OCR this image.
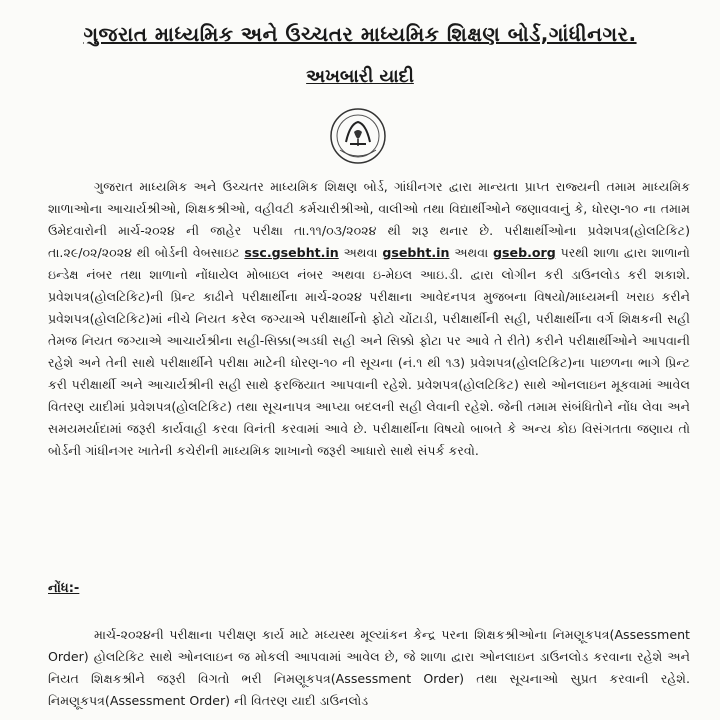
ગુજરાત માધ્યમિક અને ઉચ્ચતર માધ્યમિક શિક્ષણ બોર્ડ,ગાંધીનગર.
અખબારી યાદી
ગુજરાત માધ્યમિક અને ઉચ્ચતર માધ્યમિક શિક્ષણ બોર્ડ, ગાંધીનગર દ્વારા માન્યતા પ્રાપ્ત રાજ્યની તમામ માધ્યમિક શાળાઓના આચાર્યશ્રીઓ, શિક્ષકશ્રીઓ, વહીવટી કર્મચારીશ્રીઓ, વાલીઓ તથા વિદ્યાર્થીઓને જણાવવાનું કે, ધોરણ-૧૦ ના તમામ ઉમેદવારોની માર્ચ-૨૦૨૪ ની જાહેર પરીક્ષા તા.૧૧/૦૩/૨૦૨૪ થી શરૂ થનાર છે. પરીક્ષાર્થીઓના પ્રવેશપત્ર(હોલટિકિટ) તા.૨૯/૦૨/૨૦૨૪ થી બોર્ડની વેબસાઇટ ssc.gsebht.in અથવા gsebht.in અથવા gseb.org પરથી શાળા દ્વારા શાળાનો ઇન્ડેક્ષ નંબર તથા શાળાનો નોંધાયેલ મોબાઇલ નંબર અથવા ઇ-મેઇલ આઇ.ડી. દ્વારા લોગીન કરી ડાઉનલોડ કરી શકાશે. પ્રવેશપત્ર(હોલટિકિટ)ની પ્રિન્ટ કાઢીને પરીક્ષાર્થીના માર્ચ-૨૦૨૪ પરીક્ષાના આવેદનપત્ર મુજબના વિષયો/માધ્યમની ખરાઇ કરીને પ્રવેશપત્ર(હોલટિકિટ)માં નીચે નિયત કરેલ જગ્યાએ પરીક્ષાર્થીનો ફોટો ચોંટાડી, પરીક્ષાર્થીની સહી, પરીક્ષાર્થીના વર્ગ શિક્ષકની સહી તેમજ નિયત જગ્યાએ આચાર્યશ્રીના સહી-સિક્કા(અડધી સહી અને સિક્કો ફોટા પર આવે તે રીતે) કરીને પરીક્ષાર્થીઓને આપવાની રહેશે અને તેની સાથે પરીક્ષાર્થીને પરીક્ષા માટેની ધોરણ-૧૦ ની સૂચના (નં.૧ થી ૧૩) પ્રવેશપત્ર(હોલટિકિટ)ના પાછળના ભાગે પ્રિન્ટ કરી પરીક્ષાર્થી અને આચાર્યશ્રીની સહી સાથે ફરજિયાત આપવાની રહેશે. પ્રવેશપત્ર(હોલટિકિટ) સાથે ઓનલાઇન મૂકવામાં આવેલ વિતરણ યાદીમાં પ્રવેશપત્ર(હોલટિકિટ) તથા સૂચનાપત્ર આપ્યા બદલની સહી લેવાની રહેશે. જેની તમામ સંબંધિતોને નોંધ લેવા અને સમયમર્યાદામાં જરૂરી કાર્યવાહી કરવા વિનંતી કરવામાં આવે છે. પરીક્ષાર્થીના વિષયો બાબતે કે અન્ય કોઇ વિસંગતતા જણાય તો બોર્ડની ગાંધીનગર ખાતેની કચેરીની માધ્યમિક શાખાનો જરૂરી આધારો સાથે સંપર્ક કરવો.
નોંધ:-
માર્ચ-૨૦૨૪ની પરીક્ષાના પરીક્ષણ કાર્ય માટે મધ્યસ્થ મૂલ્યાંકન કેન્દ્ર પરના શિક્ષકશ્રીઓના નિમણૂકપત્ર(Assessment Order) હોલટિકિટ સાથે ઓનલાઇન જ મોકલી આપવામાં આવેલ છે, જે શાળા દ્વારા ઓનલાઇન ડાઉનલોડ કરવાના રહેશે અને નિયત શિક્ષકશ્રીને જરૂરી વિગતો ભરી નિમણૂકપત્ર(Assessment Order) તથા સૂચનાઓ સુપ્રત કરવાની રહેશે. નિમણૂકપત્ર(Assessment Order) ની વિતરણ યાદી ડાઉનલોડ
